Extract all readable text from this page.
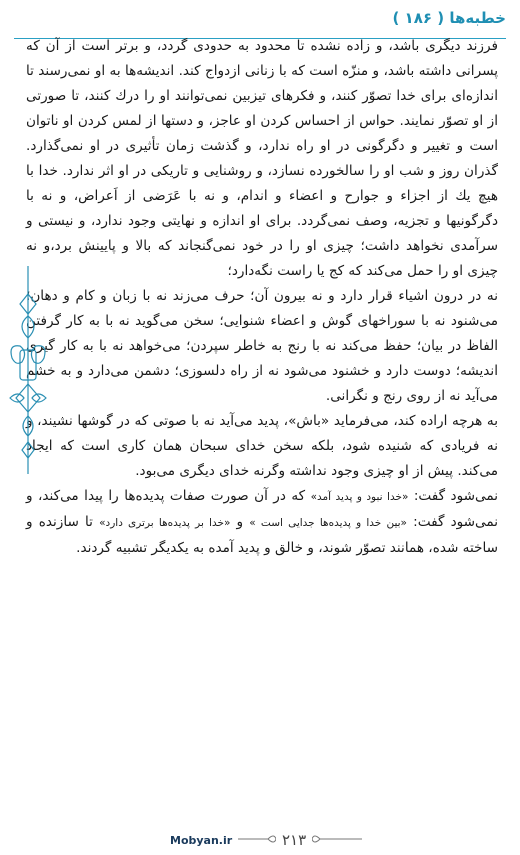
خطبه‌ها ( ۱۸۶ )

فرزند دیگری باشد، و زاده نشده تا محدود به حدودی گردد، و برتر است از آن که پسرانی داشته باشد، و منزّه است که با زنانی ازدواج کند. اندیشه‌ها به او نمی‌رسند تا اندازه‌ای برای خدا تصوّر کنند، و فکرهای تیزبین نمی‌توانند او را درك کنند، تا صورتی از او تصوّر نمایند. حواس از احساس کردن او عاجز، و دستها از لمس کردن او ناتوان است و تغییر و دگرگونی در او راه ندارد، و گذشت زمان تأثیری در او نمی‌گذارد. گذران روز و شب او را سالخورده نسازد، و روشنایی و تاریکی در او اثر ندارد. خدا با هیچ یك از اجزاء و جوارح و اعضاء و اندام، و نه با عَرَضی از اَعراض، و نه با دگرگونیها و تجزیه، وصف نمی‌گردد. برای او اندازه و نهایتی وجود ندارد، و نیستی و سرآمدی نخواهد داشت؛ چیزی او را در خود نمی‌گنجاند که بالا و پایینش برد،و نه چیزی او را حمل می‌کند که کج یا راست نگه‌دارد؛

نه در درون اشیاء قرار دارد و نه بیرون آن؛ حرف می‌زند نه با زبان و کام و دهان؛ می‌شنود نه با سوراخهای گوش و اعضاء شنوایی؛ سخن می‌گوید نه با به کار گرفتن الفاظ در بیان؛ حفظ می‌کند نه با رنج به خاطر سپردن؛ می‌خواهد نه با به کار گیری اندیشه؛ دوست دارد و خشنود می‌شود نه از راه دلسوزی؛ دشمن می‌دارد و به خشم می‌آید نه از روی رنج و نگرانی.

به هرچه اراده کند، می‌فرماید «باش»، پدید می‌آید نه با صوتی که در گوشها نشیند، و نه فریادی که شنیده شود، بلکه سخن خدای سبحان همان کاری است که ایجاد می‌کند. پیش از او چیزی وجود نداشته وگرنه خدای دیگری می‌بود.

نمی‌شود گفت: «خدا نبود و پدید آمد» که در آن صورت صفات پدیده‌ها را پیدا می‌کند، و نمی‌شود گفت: «بین خدا و پدیده‌ها جدایی است » و «خدا بر پدیده‌ها برتری دارد» تا سازنده و ساخته شده، همانند تصوّر شوند، و خالق و پدید آمده به یکدیگر تشبیه گردند.

Mobyan.ir	۲۱۳
